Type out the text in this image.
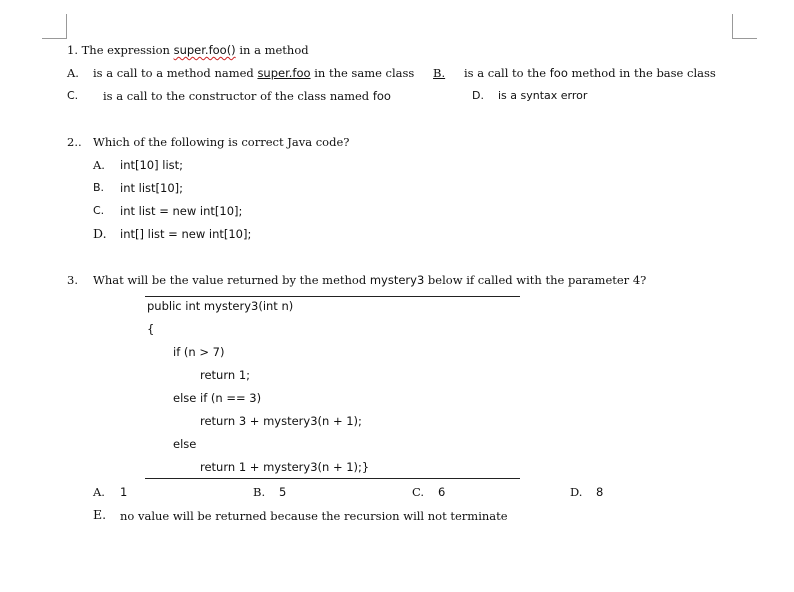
1. The expression super.foo() in a method
A. is a call to a method named super.foo in the same class B. is a call to the foo method in the base class
C. is a call to the constructor of the class named foo	D. is a syntax error
2.. Which of the following is correct Java code?
A. int[10] list;
B. int list[10];
C. int list = new int[10];
D. int[] list = new int[10];
3. What will be the value returned by the method mystery3 below if called with the parameter 4?
public int mystery3(int n)
{
if (n > 7)
return 1;
else if (n == 3)
return 3 + mystery3(n + 1);
else
return 1 + mystery3(n + 1);}
A. 1	B. 5	C. 6	D. 8
E. no value will be returned because the recursion will not terminate
